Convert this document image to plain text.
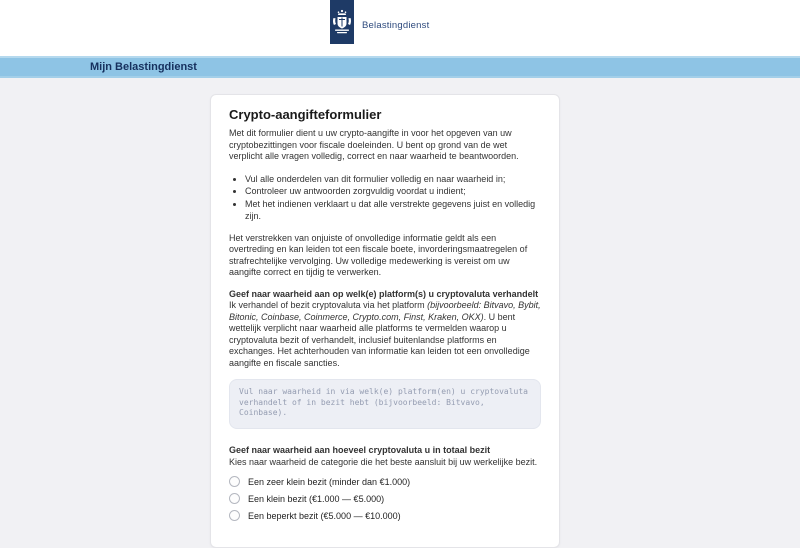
Belastingdienst
Mijn Belastingdienst
Crypto-aangifteformulier

Met dit formulier dient u uw crypto-aangifte in voor het opgeven van uw cryptobezittingen voor fiscale doeleinden. U bent op grond van de wet verplicht alle vragen volledig, correct en naar waarheid te beantwoorden.

• Vul alle onderdelen van dit formulier volledig en naar waarheid in;
• Controleer uw antwoorden zorgvuldig voordat u indient;
• Met het indienen verklaart u dat alle verstrekte gegevens juist en volledig zijn.

Het verstrekken van onjuiste of onvolledige informatie geldt als een overtreding en kan leiden tot een fiscale boete, invorderingsmaatregelen of strafrechtelijke vervolging. Uw volledige medewerking is vereist om uw aangifte correct en tijdig te verwerken.

Geef naar waarheid aan op welk(e) platform(s) u cryptovaluta verhandelt

Ik verhandel of bezit cryptovaluta via het platform (bijvoorbeeld: Bitvavo, Bybit, Bitonic, Coinbase, Coinmerce, Crypto.com, Finst, Kraken, OKX). U bent wettelijk verplicht naar waarheid alle platforms te vermelden waarop u cryptovaluta bezit of verhandelt, inclusief buitenlandse platforms en exchanges. Het achterhouden van informatie kan leiden tot een onvolledige aangifte en fiscale sancties.

Vul naar waarheid in via welk(e) platform(en) u cryptovaluta verhandelt of in bezit hebt (bijvoorbeeld: Bitvavo, Coinbase).

Geef naar waarheid aan hoeveel cryptovaluta u in totaal bezit

Kies naar waarheid de categorie die het beste aansluit bij uw werkelijke bezit.

Een zeer klein bezit (minder dan €1.000)
Een klein bezit (€1.000 — €5.000)
Een beperkt bezit (€5.000 — €10.000)
